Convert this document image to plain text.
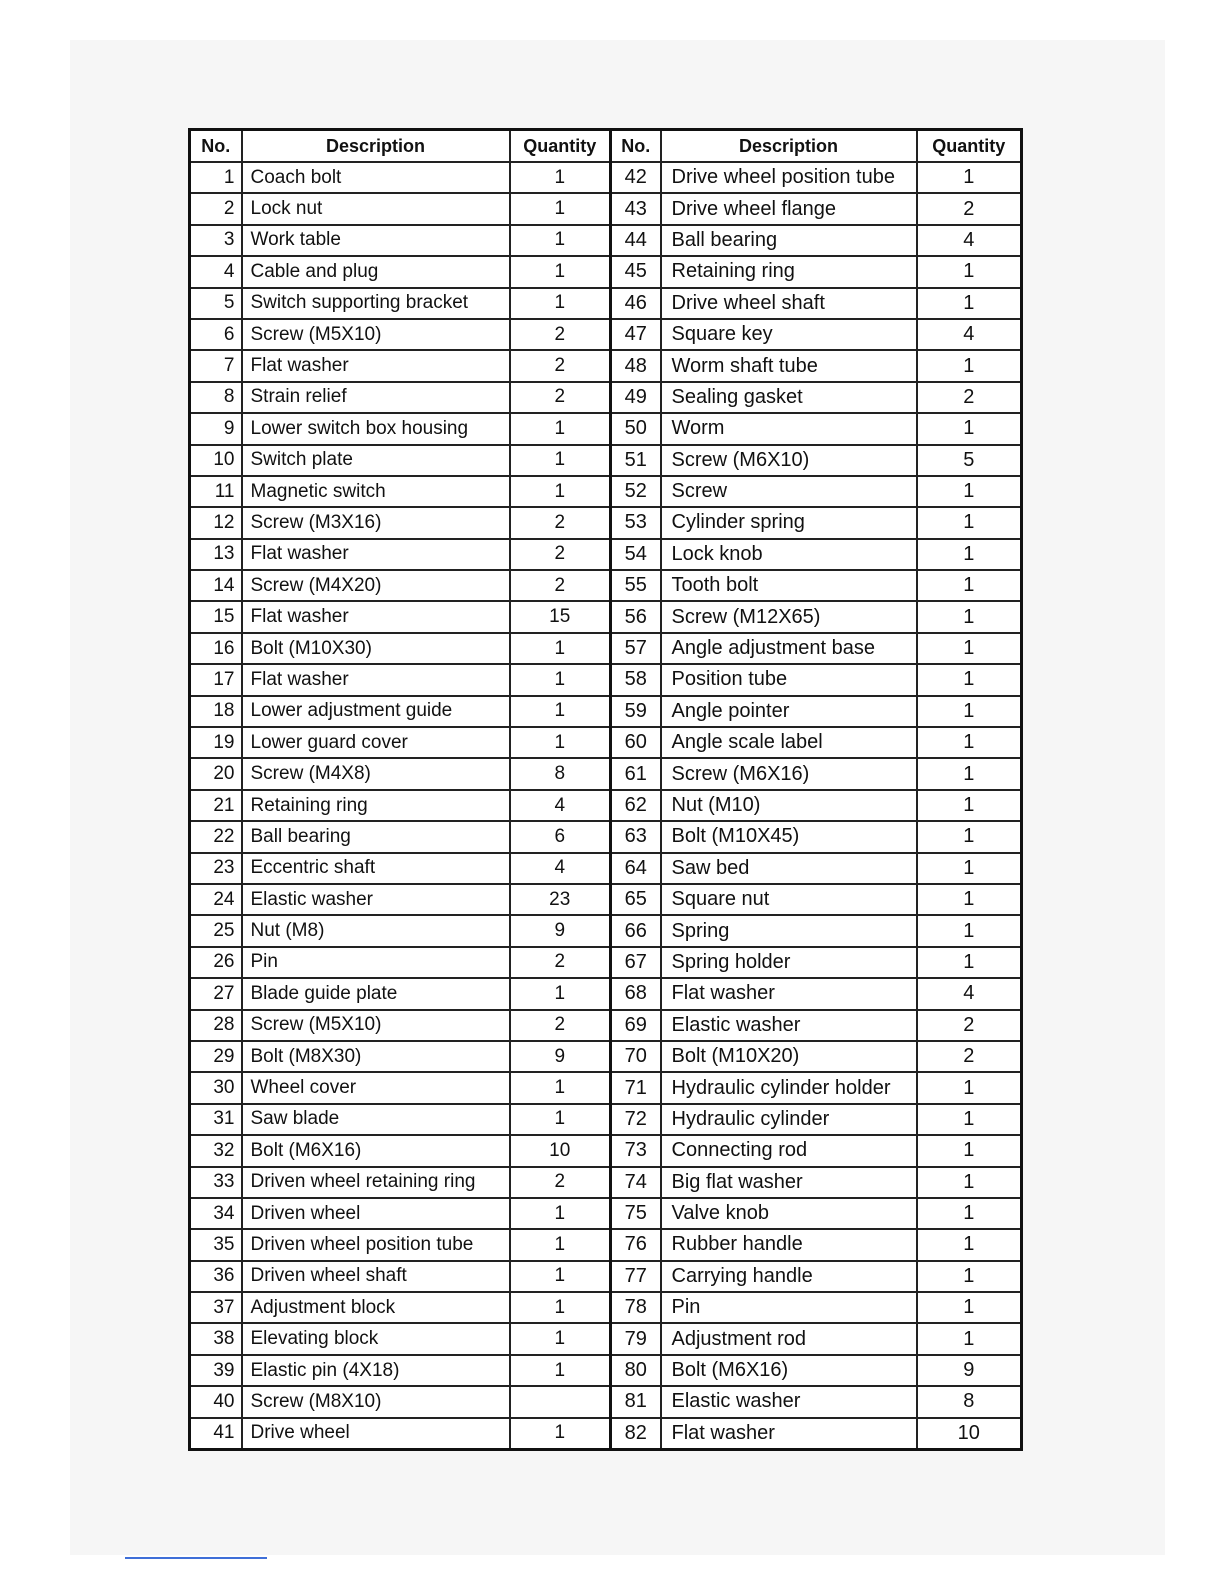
No.	Description	Quantity	No.	Description	Quantity
1	Coach bolt	1	42	Drive wheel position tube	1
2	Lock nut	1	43	Drive wheel flange	2
3	Work table	1	44	Ball bearing	4
4	Cable and plug	1	45	Retaining ring	1
5	Switch supporting bracket	1	46	Drive wheel shaft	1
6	Screw (M5X10)	2	47	Square key	4
7	Flat washer	2	48	Worm shaft tube	1
8	Strain relief	2	49	Sealing gasket	2
9	Lower switch box housing	1	50	Worm	1
10	Switch plate	1	51	Screw (M6X10)	5
11	Magnetic switch	1	52	Screw	1
12	Screw (M3X16)	2	53	Cylinder spring	1
13	Flat washer	2	54	Lock knob	1
14	Screw (M4X20)	2	55	Tooth bolt	1
15	Flat washer	15	56	Screw (M12X65)	1
16	Bolt (M10X30)	1	57	Angle adjustment base	1
17	Flat washer	1	58	Position tube	1
18	Lower adjustment guide	1	59	Angle pointer	1
19	Lower guard cover	1	60	Angle scale label	1
20	Screw (M4X8)	8	61	Screw (M6X16)	1
21	Retaining ring	4	62	Nut (M10)	1
22	Ball bearing	6	63	Bolt (M10X45)	1
23	Eccentric shaft	4	64	Saw bed	1
24	Elastic washer	23	65	Square nut	1
25	Nut (M8)	9	66	Spring	1
26	Pin	2	67	Spring holder	1
27	Blade guide plate	1	68	Flat washer	4
28	Screw (M5X10)	2	69	Elastic washer	2
29	Bolt (M8X30)	9	70	Bolt (M10X20)	2
30	Wheel cover	1	71	Hydraulic cylinder holder	1
31	Saw blade	1	72	Hydraulic cylinder	1
32	Bolt (M6X16)	10	73	Connecting rod	1
33	Driven wheel retaining ring	2	74	Big flat washer	1
34	Driven wheel	1	75	Valve knob	1
35	Driven wheel position tube	1	76	Rubber handle	1
36	Driven wheel shaft	1	77	Carrying handle	1
37	Adjustment block	1	78	Pin	1
38	Elevating block	1	79	Adjustment rod	1
39	Elastic pin (4X18)	1	80	Bolt (M6X16)	9
40	Screw (M8X10)		81	Elastic washer	8
41	Drive wheel	1	82	Flat washer	10
